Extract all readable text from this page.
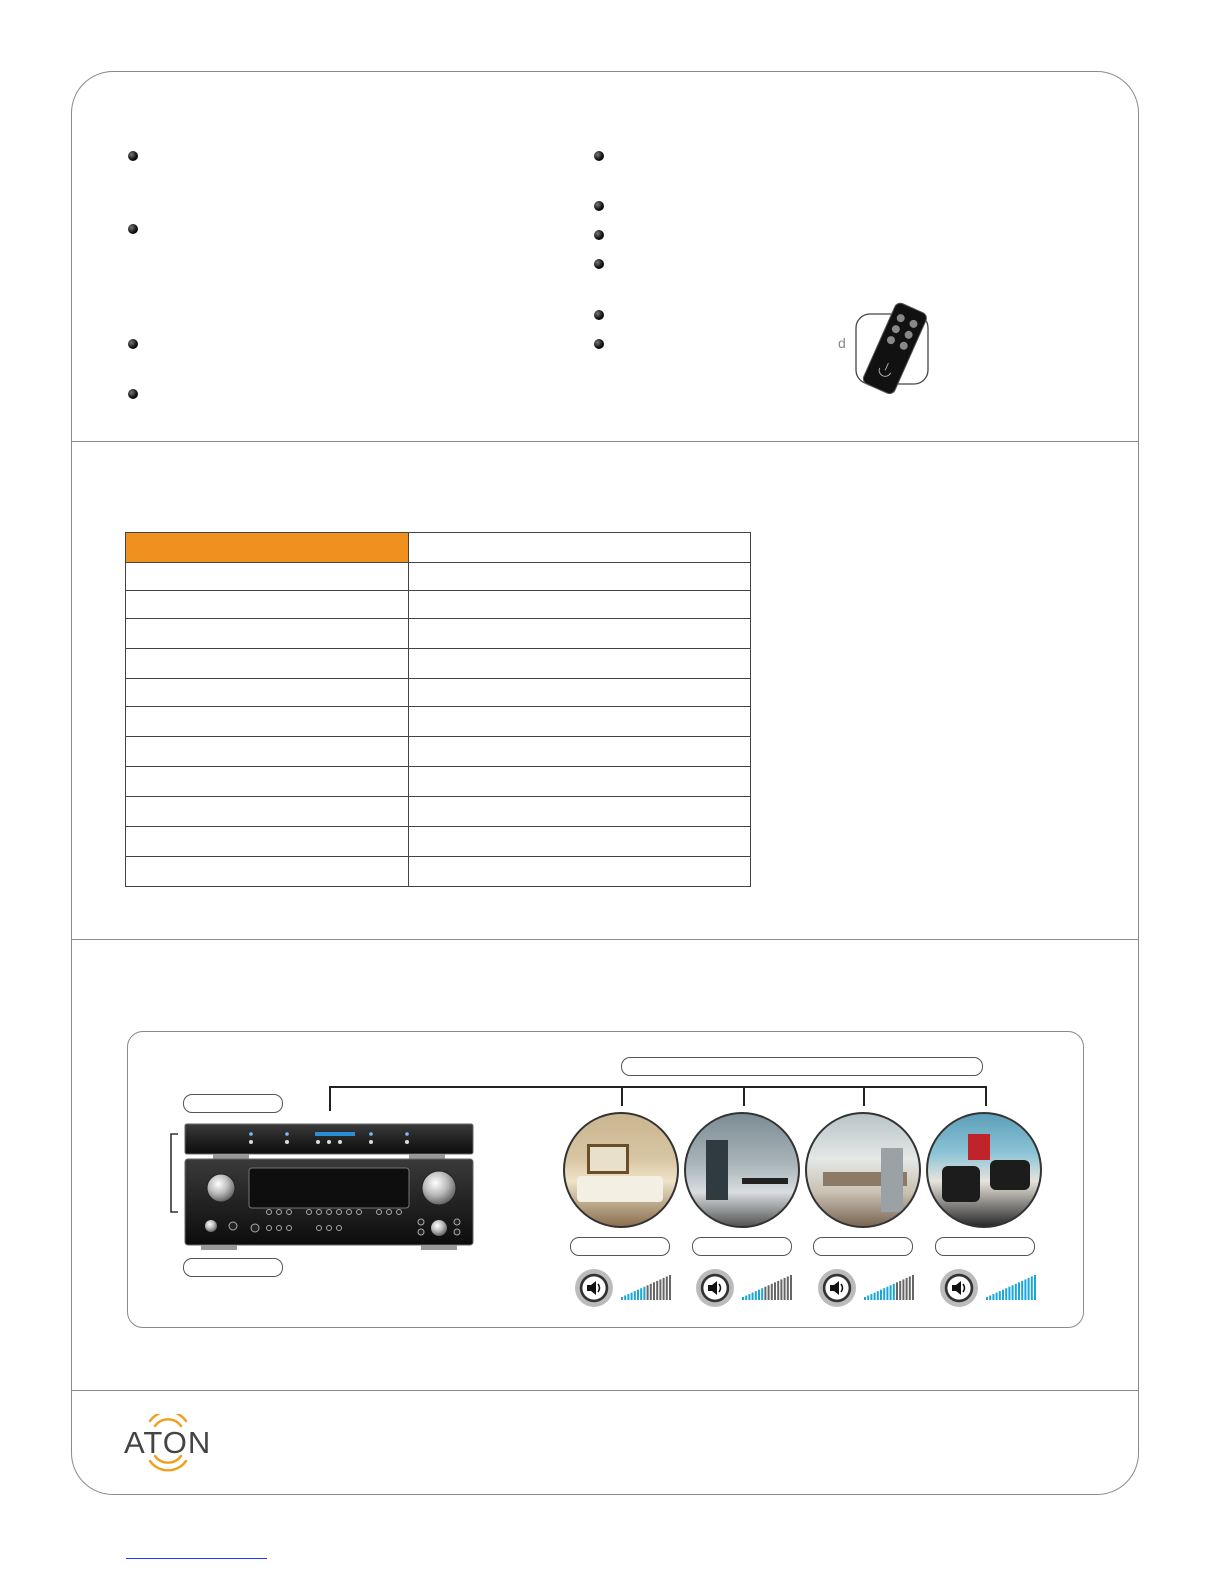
d

ATON
